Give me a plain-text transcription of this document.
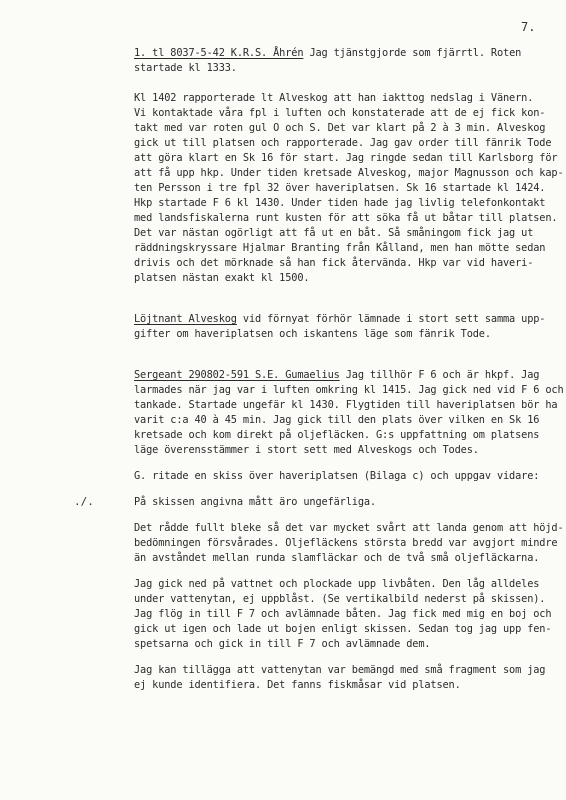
7.
./.
1. tl 8037-5-42 K.R.S. Åhrén Jag tjänstgjorde som fjärrtl. Roten
startade kl 1333.
Kl 1402 rapporterade lt Alveskog att han iakttog nedslag i Vänern.
Vi kontaktade våra fpl i luften och konstaterade att de ej fick kon-
takt med var roten gul O och S. Det var klart på 2 à 3 min. Alveskog
gick ut till platsen och rapporterade. Jag gav order till fänrik Tode
att göra klart en Sk 16 för start. Jag ringde sedan till Karlsborg för
att få upp hkp. Under tiden kretsade Alveskog, major Magnusson och kap-
ten Persson i tre fpl 32 över haveriplatsen. Sk 16 startade kl 1424.
Hkp startade F 6 kl 1430. Under tiden hade jag livlig telefonkontakt
med landsfiskalerna runt kusten för att söka få ut båtar till platsen.
Det var nästan ogörligt att få ut en båt. Så småningom fick jag ut
räddningskryssare Hjalmar Branting från Kålland, men han mötte sedan
drivis och det mörknade så han fick återvända. Hkp var vid haveri-
platsen nästan exakt kl 1500.
Löjtnant Alveskog vid förnyat förhör lämnade i stort sett samma upp-
gifter om haveriplatsen och iskantens läge som fänrik Tode.
Sergeant 290802-591 S.E. Gumaelius Jag tillhör F 6 och är hkpf. Jag
larmades när jag var i luften omkring kl 1415. Jag gick ned vid F 6 och
tankade. Startade ungefär kl 1430. Flygtiden till haveriplatsen bör ha
varit c:a 40 à 45 min. Jag gick till den plats över vilken en Sk 16
kretsade och kom direkt på oljefläcken. G:s uppfattning om platsens
läge överensstämmer i stort sett med Alveskogs och Todes.
G. ritade en skiss över haveriplatsen (Bilaga c) och uppgav vidare:
På skissen angivna mått äro ungefärliga.
Det rådde fullt bleke så det var mycket svårt att landa genom att höjd-
bedömningen försvårades. Oljefläckens största bredd var avgjort mindre
än avståndet mellan runda slamfläckar och de två små oljefläckarna.
Jag gick ned på vattnet och plockade upp livbåten. Den låg alldeles
under vattenytan, ej uppblåst. (Se vertikalbild nederst på skissen).
Jag flög in till F 7 och avlämnade båten. Jag fick med mig en boj och
gick ut igen och lade ut bojen enligt skissen. Sedan tog jag upp fen-
spetsarna och gick in till F 7 och avlämnade dem.
Jag kan tillägga att vattenytan var bemängd med små fragment som jag
ej kunde identifiera. Det fanns fiskmåsar vid platsen.
